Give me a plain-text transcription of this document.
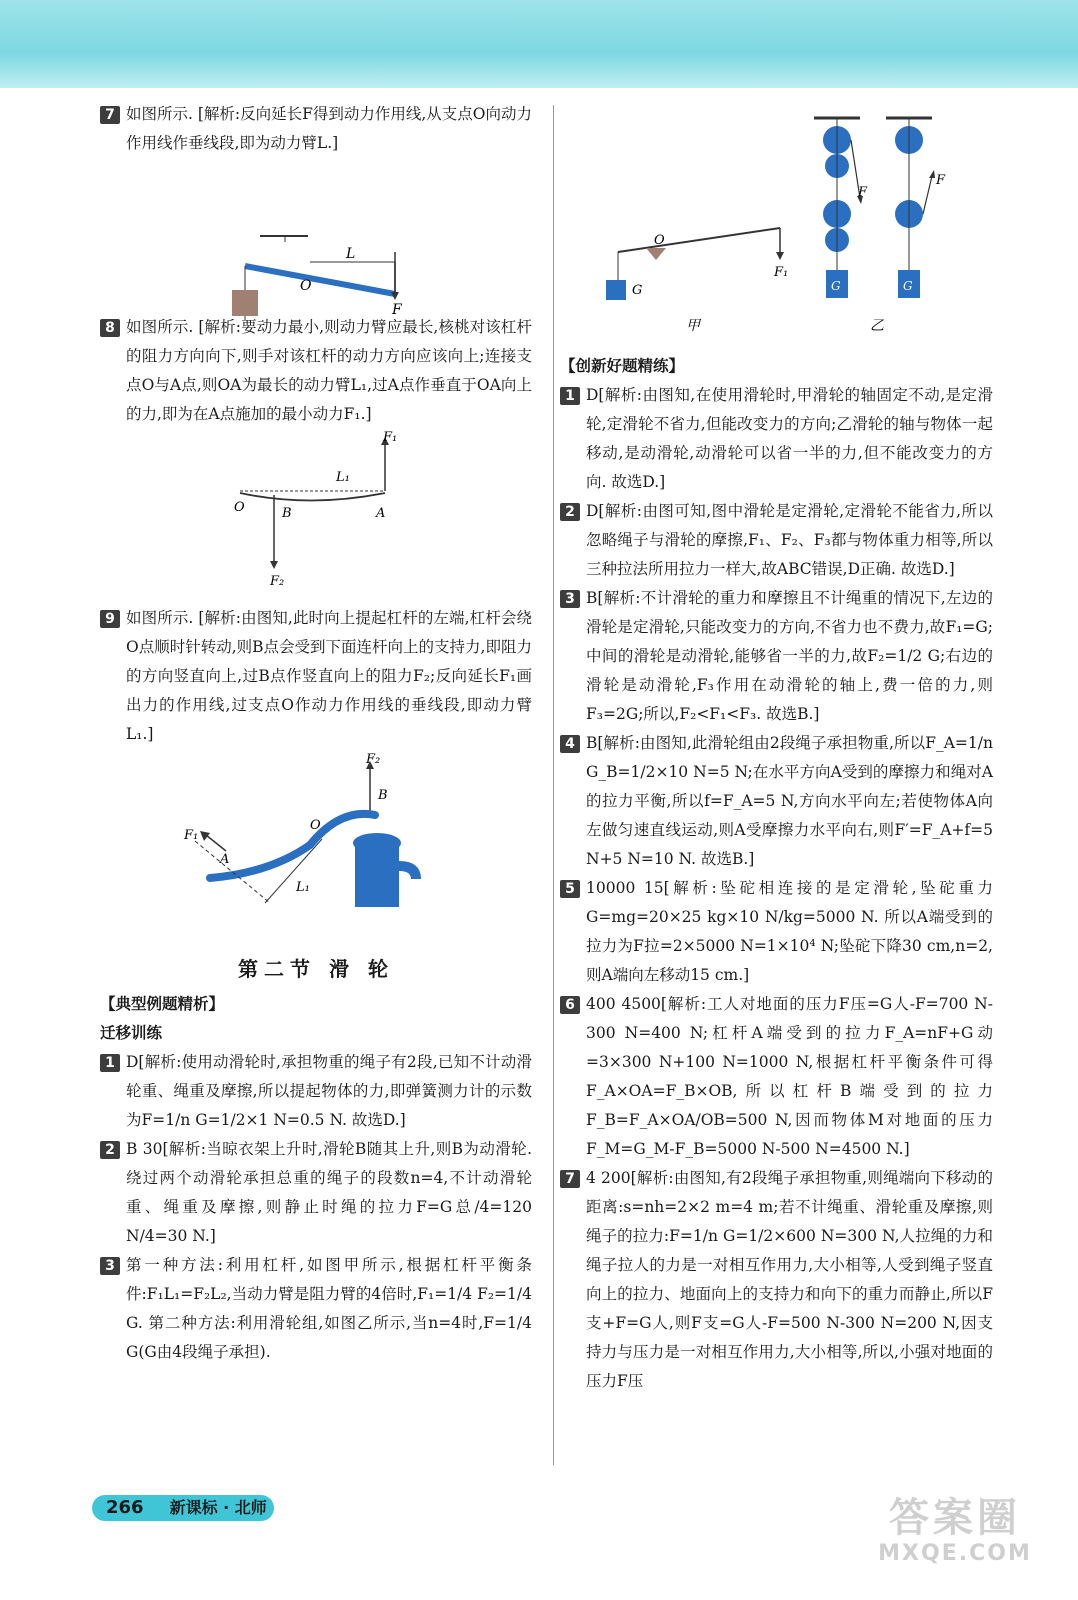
7 如图所示. [解析:反向延长F得到动力作用线,从支点O向动力作用线作垂线段,即为动力臂L.]
L
O
F
8 如图所示. [解析:要动力最小,则动力臂应最长,核桃对该杠杆的阻力方向向下,则手对该杠杆的动力方向应该向上;连接支点O与A点,则OA为最长的动力臂L₁,过A点作垂直于OA向上的力,即为在A点施加的最小动力F₁.]
F₁
L₁
O	B	A
F₂
9 如图所示. [解析:由图知,此时向上提起杠杆的左端,杠杆会绕O点顺时针转动,则B点会受到下面连杆向上的支持力,即阻力的方向竖直向上,过B点作竖直向上的阻力F₂;反向延长F₁画出力的作用线,过支点O作动力作用线的垂线段,即动力臂L₁.]
F₂
B
O
F₁
A
L₁
第二节 滑 轮
【典型例题精析】
迁移训练
1 D[解析:使用动滑轮时,承担物重的绳子有2段,已知不计动滑轮重、绳重及摩擦,所以提起物体的力,即弹簧测力计的示数为F=1/n G=1/2×1 N=0.5 N. 故选D.]
2 B 30[解析:当晾衣架上升时,滑轮B随其上升,则B为动滑轮. 绕过两个动滑轮承担总重的绳子的段数n=4,不计动滑轮重、绳重及摩擦,则静止时绳的拉力F=G总/4=120 N/4=30 N.]
3 第一种方法:利用杠杆,如图甲所示,根据杠杆平衡条件:F₁L₁=F₂L₂,当动力臂是阻力臂的4倍时,F₁=1/4 F₂=1/4 G. 第二种方法:利用滑轮组,如图乙所示,当n=4时,F=1/4 G(G由4段绳子承担).
G
O
F₁
F
F
G	G
甲	乙
【创新好题精练】
1 D[解析:由图知,在使用滑轮时,甲滑轮的轴固定不动,是定滑轮,定滑轮不省力,但能改变力的方向;乙滑轮的轴与物体一起移动,是动滑轮,动滑轮可以省一半的力,但不能改变力的方向. 故选D.]
2 D[解析:由图可知,图中滑轮是定滑轮,定滑轮不能省力,所以忽略绳子与滑轮的摩擦,F₁、F₂、F₃都与物体重力相等,所以三种拉法所用拉力一样大,故ABC错误,D正确. 故选D.]
3 B[解析:不计滑轮的重力和摩擦且不计绳重的情况下,左边的滑轮是定滑轮,只能改变力的方向,不省力也不费力,故F₁=G;中间的滑轮是动滑轮,能够省一半的力,故F₂=1/2 G;右边的滑轮是动滑轮,F₃作用在动滑轮的轴上,费一倍的力,则F₃=2G;所以,F₂<F₁<F₃. 故选B.]
4 B[解析:由图知,此滑轮组由2段绳子承担物重,所以F_A=1/n G_B=1/2×10 N=5 N;在水平方向A受到的摩擦力和绳对A的拉力平衡,所以f=F_A=5 N,方向水平向左;若使物体A向左做匀速直线运动,则A受摩擦力水平向右,则F′=F_A+f=5 N+5 N=10 N. 故选B.]
5 10000 15[解析:坠砣相连接的是定滑轮,坠砣重力G=mg=20×25 kg×10 N/kg=5000 N. 所以A端受到的拉力为F拉=2×5000 N=1×10⁴ N;坠砣下降30 cm,n=2,则A端向左移动15 cm.]
6 400 4500[解析:工人对地面的压力F压=G人-F=700 N-300 N=400 N;杠杆A端受到的拉力F_A=nF+G动=3×300 N+100 N=1000 N,根据杠杆平衡条件可得F_A×OA=F_B×OB,所以杠杆B端受到的拉力F_B=F_A×OA/OB=500 N,因而物体M对地面的压力F_M=G_M-F_B=5000 N-500 N=4500 N.]
7 4 200[解析:由图知,有2段绳子承担物重,则绳端向下移动的距离:s=nh=2×2 m=4 m;若不计绳重、滑轮重及摩擦,则绳子的拉力:F=1/n G=1/2×600 N=300 N,人拉绳的力和绳子拉人的力是一对相互作用力,大小相等,人受到绳子竖直向上的拉力、地面向上的支持力和向下的重力而静止,所以F支+F=G人,则F支=G人-F=500 N-300 N=200 N,因支持力与压力是一对相互作用力,大小相等,所以,小强对地面的压力F压
266 新课标 · 北师	答案圈
MXQE.COM
